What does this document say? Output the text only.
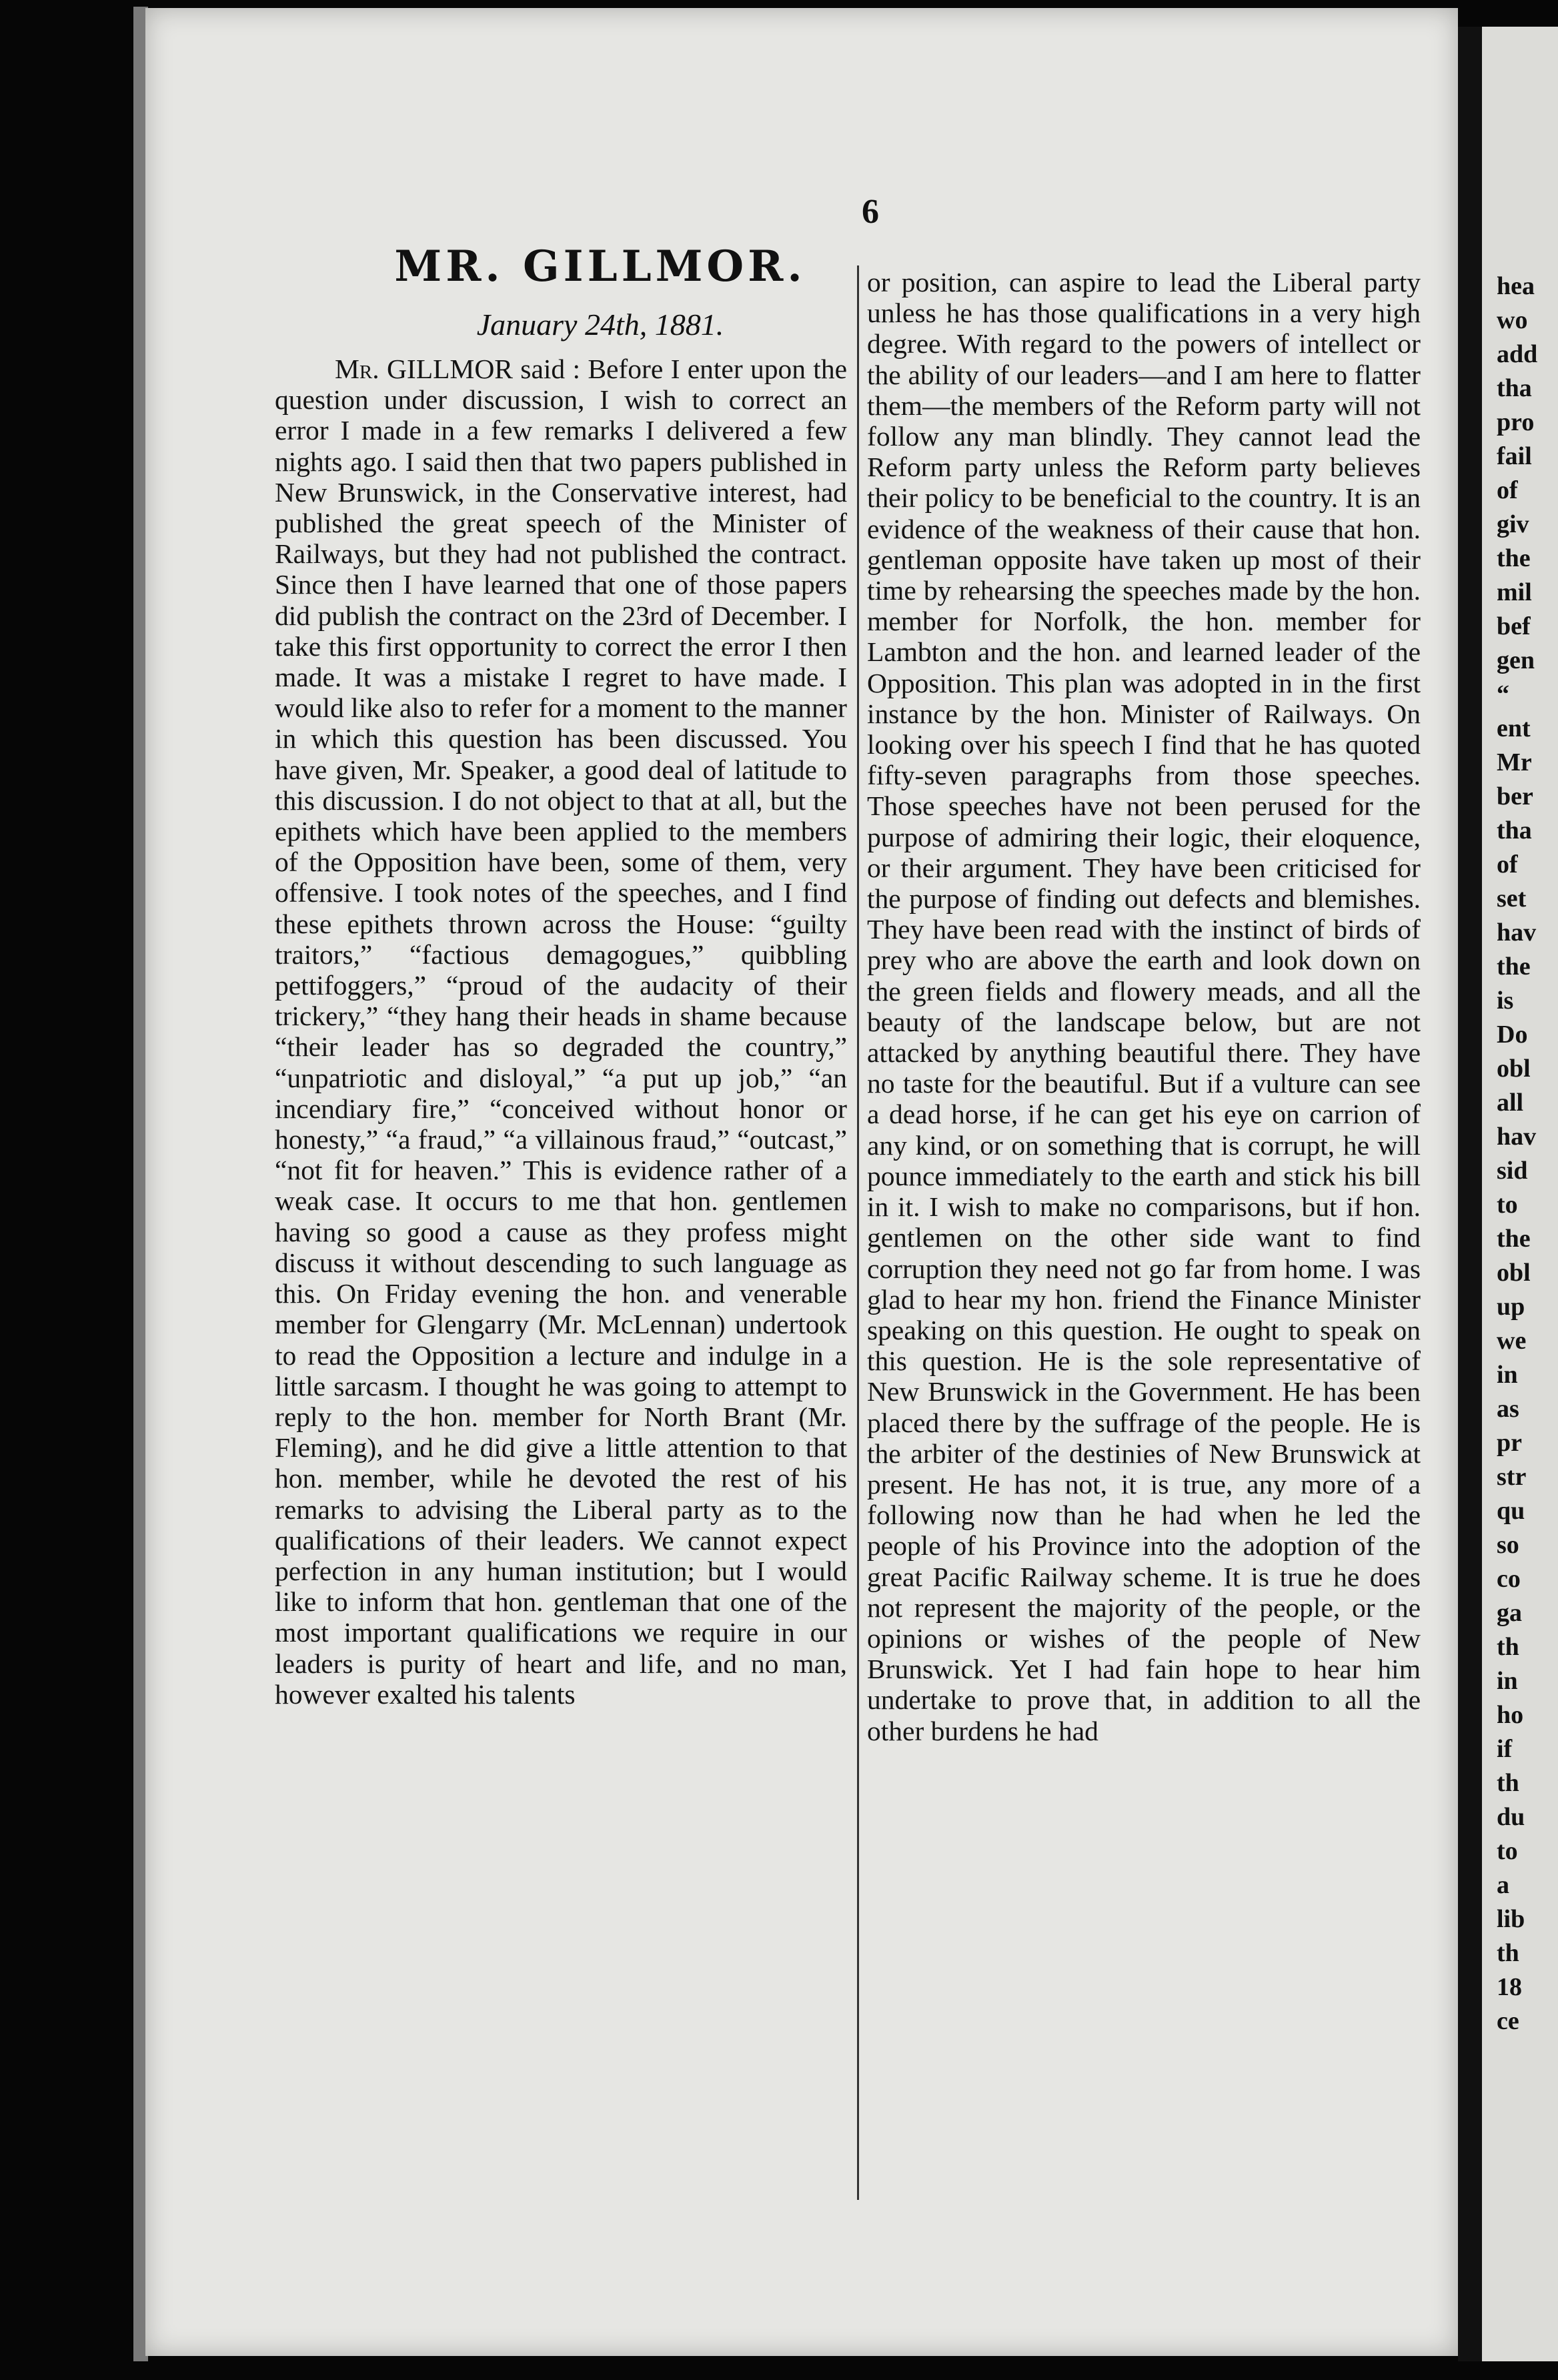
6
MR. GILLMOR.
January 24th, 1881.

Mr. GILLMOR said : Before I enter upon the question under discussion, I wish to correct an error I made in a few remarks I delivered a few nights ago. I said then that two papers published in New Brunswick, in the Conservative interest, had published the great speech of the Minister of Railways, but they had not published the contract. Since then I have learned that one of those papers did publish the contract on the 23rd of December. I take this first opportunity to correct the error I then made. It was a mistake I regret to have made. I would like also to refer for a moment to the manner in which this question has been discussed. You have given, Mr. Speaker, a good deal of latitude to this discussion. I do not object to that at all, but the epithets which have been applied to the members of the Opposition have been, some of them, very offensive. I took notes of the speeches, and I find these epithets thrown across the House: “guilty traitors,” “factious demagogues,” quibbling pettifoggers,” “proud of the audacity of their trickery,” “they hang their heads in shame because “their leader has so degraded the country,” “unpatriotic and disloyal,” “a put up job,” “an incendiary fire,” “conceived without honor or honesty,” “a fraud,” “a villainous fraud,” “outcast,” “not fit for heaven.” This is evidence rather of a weak case. It occurs to me that hon. gentlemen having so good a cause as they profess might discuss it without descending to such language as this. On Friday evening the hon. and venerable member for Glengarry (Mr. McLennan) undertook to read the Opposition a lecture and indulge in a little sarcasm. I thought he was going to attempt to reply to the hon. member for North Brant (Mr. Fleming), and he did give a little attention to that hon. member, while he devoted the rest of his remarks to advising the Liberal party as to the qualifications of their leaders. We cannot expect perfection in any human institution; but I would like to inform that hon. gentleman that one of the most important qualifications we require in our leaders is purity of heart and life, and no man, however exalted his talents

or position, can aspire to lead the Liberal party unless he has those qualifications in a very high degree. With regard to the powers of intellect or the ability of our leaders—and I am here to flatter them—the members of the Reform party will not follow any man blindly. They cannot lead the Reform party unless the Reform party believes their policy to be beneficial to the country. It is an evidence of the weakness of their cause that hon. gentleman opposite have taken up most of their time by rehearsing the speeches made by the hon. member for Norfolk, the hon. member for Lambton and the hon. and learned leader of the Opposition. This plan was adopted in in the first instance by the hon. Minister of Railways. On looking over his speech I find that he has quoted fifty-seven paragraphs from those speeches. Those speeches have not been perused for the purpose of admiring their logic, their eloquence, or their argument. They have been criticised for the purpose of finding out defects and blemishes. They have been read with the instinct of birds of prey who are above the earth and look down on the green fields and flowery meads, and all the beauty of the landscape below, but are not attacked by anything beautiful there. They have no taste for the beautiful. But if a vulture can see a dead horse, if he can get his eye on carrion of any kind, or on something that is corrupt, he will pounce immediately to the earth and stick his bill in it. I wish to make no comparisons, but if hon. gentlemen on the other side want to find corruption they need not go far from home. I was glad to hear my hon. friend the Finance Minister speaking on this question. He ought to speak on this question. He is the sole representative of New Brunswick in the Government. He has been placed there by the suffrage of the people. He is the arbiter of the destinies of New Brunswick at present. He has not, it is true, any more of a following now than he had when he led the people of his Province into the adoption of the great Pacific Railway scheme. It is true he does not represent the majority of the people, or the opinions or wishes of the people of New Brunswick. Yet I had fain hope to hear him undertake to prove that, in addition to all the other burdens he had

hea
wo
add
tha
pro
fail
of
giv
the
mil
bef
gen
“
ent
Mr
ber
tha
of
set
hav
the
is
Do
obl
all
hav
sid
to
the
obl
up
we
in
as
pr
str
qu
so
co
ga
th
in
ho
if
th
du
to
a
lib
th
18
ce
